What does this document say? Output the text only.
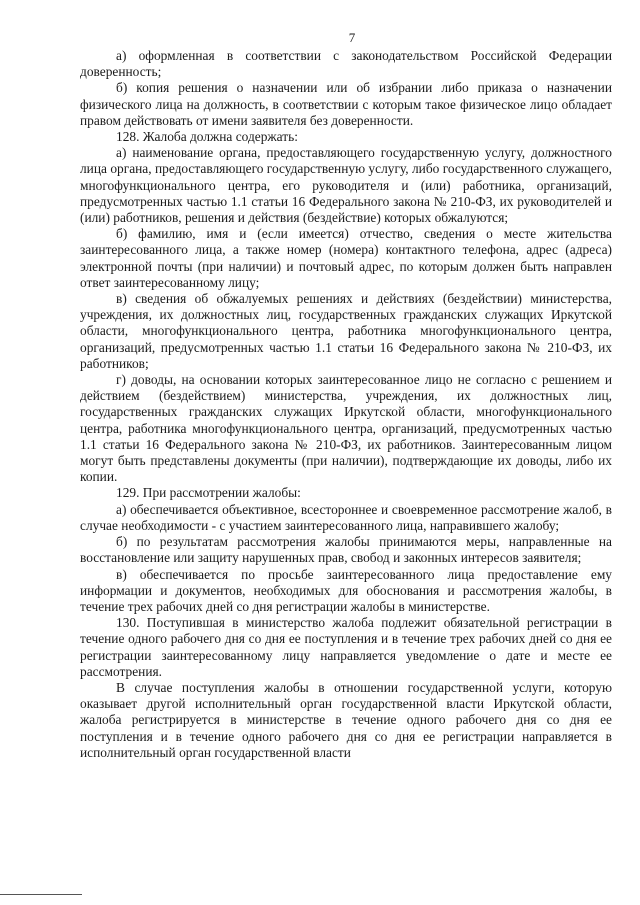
7

а) оформленная в соответствии с законодательством Российской Федерации доверенность;

б) копия решения о назначении или об избрании либо приказа о назначении физического лица на должность, в соответствии с которым такое физическое лицо обладает правом действовать от имени заявителя без доверенности.

128. Жалоба должна содержать:

а) наименование органа, предоставляющего государственную услугу, должностного лица органа, предоставляющего государственную услугу, либо государственного служащего, многофункционального центра, его руководителя и (или) работника, организаций, предусмотренных частью 1.1 статьи 16 Федерального закона № 210-ФЗ, их руководителей и (или) работников, решения и действия (бездействие) которых обжалуются;

б) фамилию, имя и (если имеется) отчество, сведения о месте жительства заинтересованного лица, а также номер (номера) контактного телефона, адрес (адреса) электронной почты (при наличии) и почтовый адрес, по которым должен быть направлен ответ заинтересованному лицу;

в) сведения об обжалуемых решениях и действиях (бездействии) министерства, учреждения, их должностных лиц, государственных гражданских служащих Иркутской области, многофункционального центра, работника многофункционального центра, организаций, предусмотренных частью 1.1 статьи 16 Федерального закона № 210-ФЗ, их работников;

г) доводы, на основании которых заинтересованное лицо не согласно с решением и действием (бездействием) министерства, учреждения, их должностных лиц, государственных гражданских служащих Иркутской области, многофункционального центра, работника многофункционального центра, организаций, предусмотренных частью 1.1 статьи 16 Федерального закона № 210-ФЗ, их работников. Заинтересованным лицом могут быть представлены документы (при наличии), подтверждающие их доводы, либо их копии.

129. При рассмотрении жалобы:

а) обеспечивается объективное, всестороннее и своевременное рассмотрение жалоб, в случае необходимости - с участием заинтересованного лица, направившего жалобу;

б) по результатам рассмотрения жалобы принимаются меры, направленные на восстановление или защиту нарушенных прав, свобод и законных интересов заявителя;

в) обеспечивается по просьбе заинтересованного лица предоставление ему информации и документов, необходимых для обоснования и рассмотрения жалобы, в течение трех рабочих дней со дня регистрации жалобы в министерстве.

130. Поступившая в министерство жалоба подлежит обязательной регистрации в течение одного рабочего дня со дня ее поступления и в течение трех рабочих дней со дня ее регистрации заинтересованному лицу направляется уведомление о дате и месте ее рассмотрения.

В случае поступления жалобы в отношении государственной услуги, которую оказывает другой исполнительный орган государственной власти Иркутской области, жалоба регистрируется в министерстве в течение одного рабочего дня со дня ее поступления и в течение одного рабочего дня со дня ее регистрации направляется в исполнительный орган государственной власти
